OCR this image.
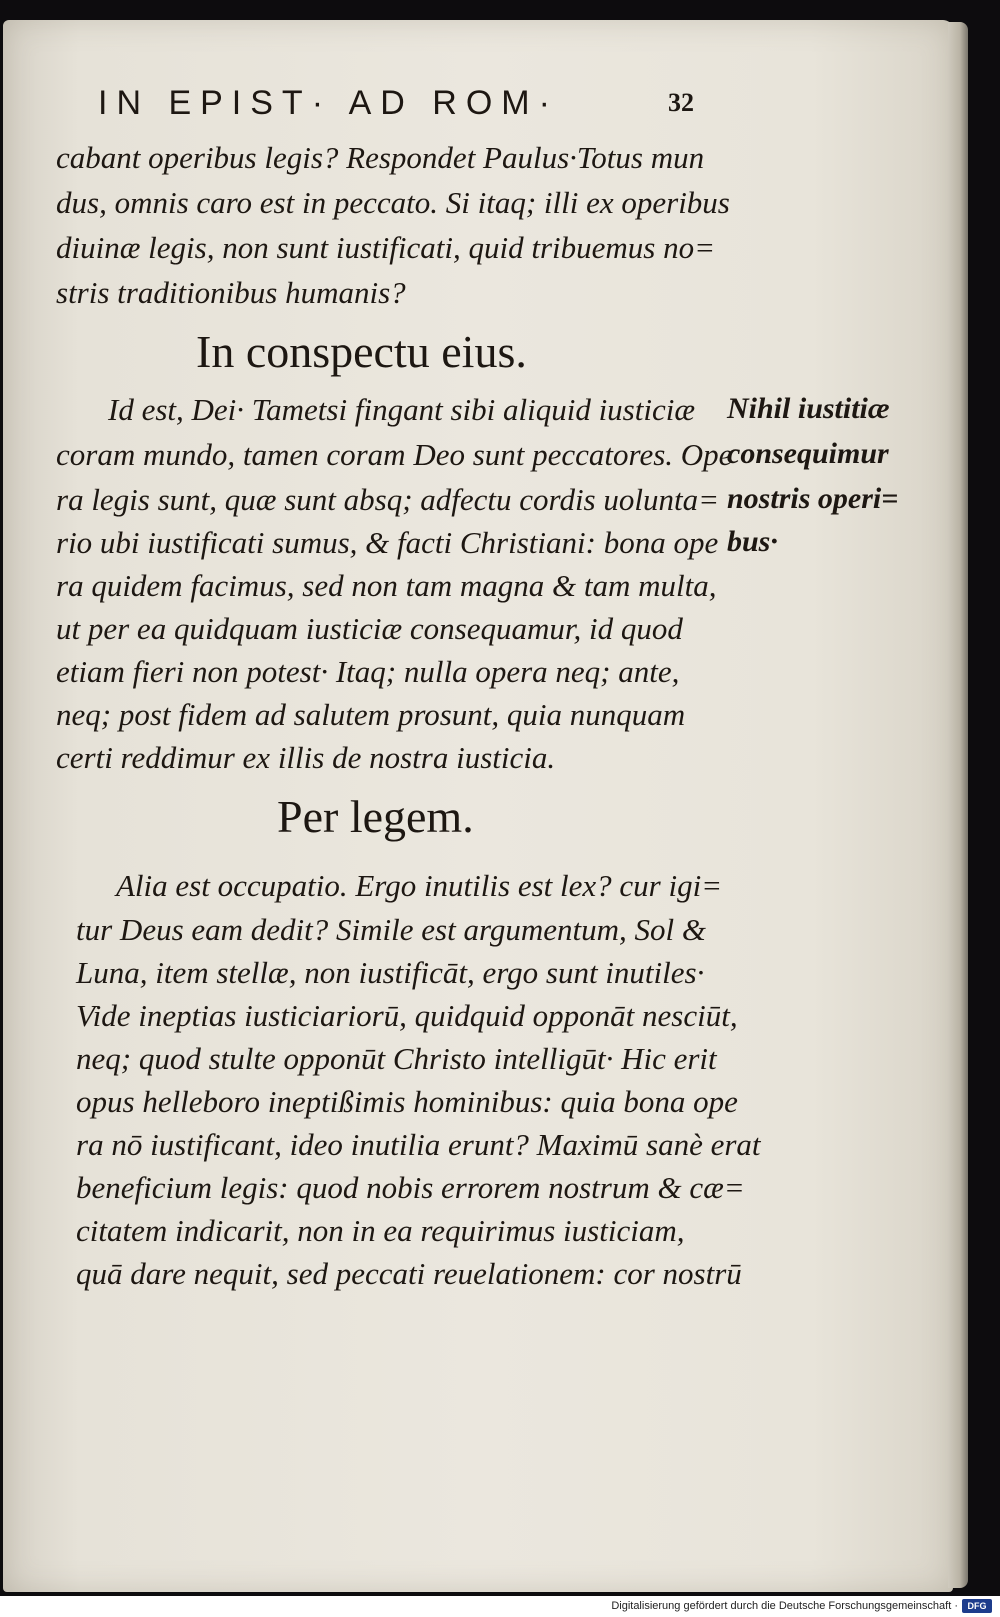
IN EPIST· AD ROM·	32
cabant operibus legis? Respondet Paulus·Totus mun
dus, omnis caro est in peccato. Si itaq; illi ex operibus
diuinæ legis, non sunt iustificati, quid tribuemus no=
stris traditionibus humanis?
In conspectu eius.
Id est, Dei· Tametsi fingant sibi aliquid iusticiæ
coram mundo, tamen coram Deo sunt peccatores. Ope
ra legis sunt, quæ sunt absq; adfectu cordis uolunta=
rio ubi iustificati sumus, & facti Christiani: bona ope
ra quidem facimus, sed non tam magna & tam multa,
ut per ea quidquam iusticiæ consequamur, id quod
etiam fieri non potest· Itaq; nulla opera neq; ante,
neq; post fidem ad salutem prosunt, quia nunquam
certi reddimur ex illis de nostra iusticia.
Nihil iustitiæ
consequimur
nostris operi=
bus·
Per legem.
Alia est occupatio. Ergo inutilis est lex? cur igi=
tur Deus eam dedit? Simile est argumentum, Sol &
Luna, item stellæ, non iustificāt, ergo sunt inutiles·
Vide ineptias iusticiariorū, quidquid opponāt nesciūt,
neq; quod stulte opponūt Christo intelligūt· Hic erit
opus helleboro ineptißimis hominibus: quia bona ope
ra nō iustificant, ideo inutilia erunt? Maximū sanè erat
beneficium legis: quod nobis errorem nostrum & cæ=
citatem indicarit, non in ea requirimus iusticiam,
quā dare nequit, sed peccati reuelationem: cor nostrū
Digitalisierung gefördert durch die Deutsche Forschungsgemeinschaft ·	DFG
